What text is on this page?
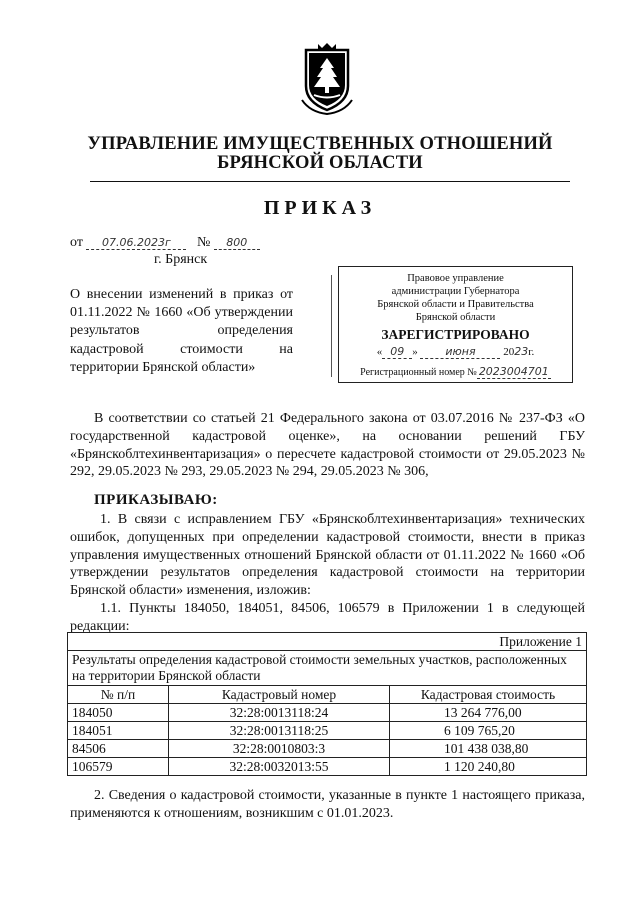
УПРАВЛЕНИЕ ИМУЩЕСТВЕННЫХ ОТНОШЕНИЙ
БРЯНСКОЙ ОБЛАСТИ
ПРИКАЗ
от 07.06.2023г № 800
г. Брянск
О внесении изменений в приказ от 01.11.2022 № 1660 «Об утверждении результатов определения кадастровой стоимости на территории Брянской области»
Правовое управление
администрации Губернатора
Брянской области и Правительства
Брянской области
ЗАРЕГИСТРИРОВАНО
« 09 » июня	2023г.
Регистрационный номер № 2023004701
В соответствии со статьей 21 Федерального закона от 03.07.2016 № 237-ФЗ «О государственной кадастровой оценке», на основании решений ГБУ «Брянскоблтехинвентаризация» о пересчете кадастровой стоимости от 29.05.2023 № 292, 29.05.2023 № 293, 29.05.2023 № 294, 29.05.2023 № 306,
ПРИКАЗЫВАЮ:
1. В связи с исправлением ГБУ «Брянскоблтехинвентаризация» технических ошибок, допущенных при определении кадастровой стоимости, внести в приказ управления имущественных отношений Брянской области от 01.11.2022 № 1660 «Об утверждении результатов определения кадастровой стоимости на территории Брянской области» изменения, изложив:
1.1. Пункты 184050, 184051, 84506, 106579 в Приложении 1 в следующей редакции:
Приложение 1		
Результаты определения кадастровой стоимости земельных участков, расположенных на территории Брянской области		
№ п/п	Кадастровый номер	Кадастровая стоимость
184050	32:28:0013118:24	13 264 776,00
184051	32:28:0013118:25	6 109 765,20
84506	32:28:0010803:3	101 438 038,80
106579	32:28:0032013:55	1 120 240,80
2. Сведения о кадастровой стоимости, указанные в пункте 1 настоящего приказа, применяются к отношениям, возникшим с 01.01.2023.
